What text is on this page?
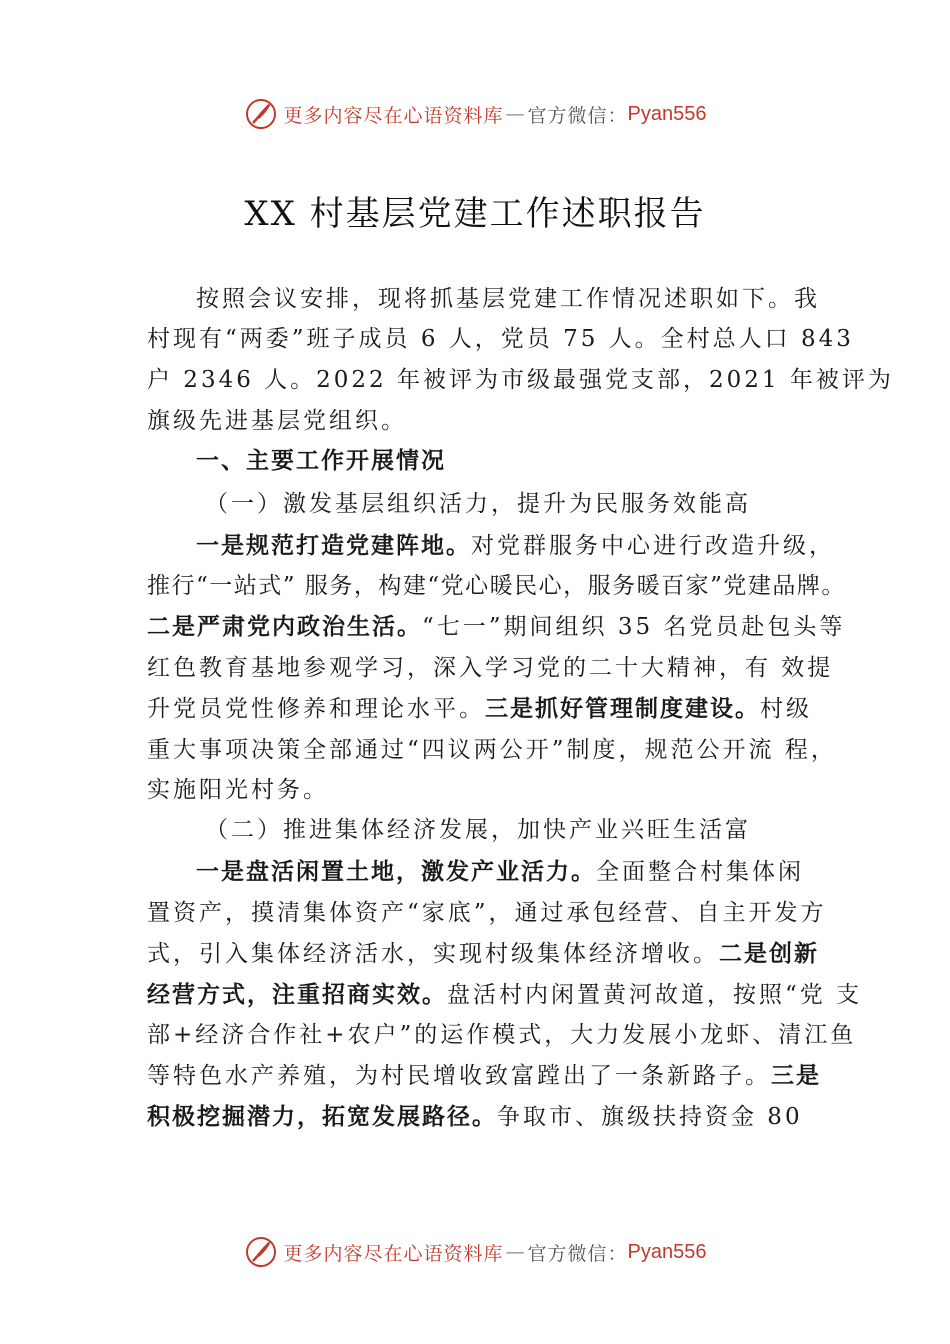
更多内容尽在心语资料库 — 官方微信： Pyan556
XX 村基层党建工作述职报告
按照会议安排，现将抓基层党建工作情况述职如下。我
村现有“两委”班子成员 6 人，党员 75 人。全村总人口 843
户 2346 人。2022 年被评为市级最强党支部，2021 年被评为
旗级先进基层党组织。
一、主要工作开展情况
（一）激发基层组织活力，提升为民服务效能高
一是规范打造党建阵地。对党群服务中心进行改造升级，
推行“一站式” 服务，构建“党心暖民心，服务暖百家”党建品牌。
二是严肃党内政治生活。“七一”期间组织 35 名党员赴包头等
红色教育基地参观学习，深入学习党的二十大精神，有 效提
升党员党性修养和理论水平。三是抓好管理制度建设。村级
重大事项决策全部通过“四议两公开”制度，规范公开流 程，
实施阳光村务。
（二）推进集体经济发展，加快产业兴旺生活富
一是盘活闲置土地，激发产业活力。全面整合村集体闲
置资产，摸清集体资产“家底”，通过承包经营、自主开发方
式，引入集体经济活水，实现村级集体经济增收。二是创新
经营方式，注重招商实效。盘活村内闲置黄河故道，按照“党 支
部+经济合作社+农户”的运作模式，大力发展小龙虾、清江鱼
等特色水产养殖，为村民增收致富蹚出了一条新路子。三是
积极挖掘潜力，拓宽发展路径。争取市、旗级扶持资金 80
更多内容尽在心语资料库 — 官方微信： Pyan556
